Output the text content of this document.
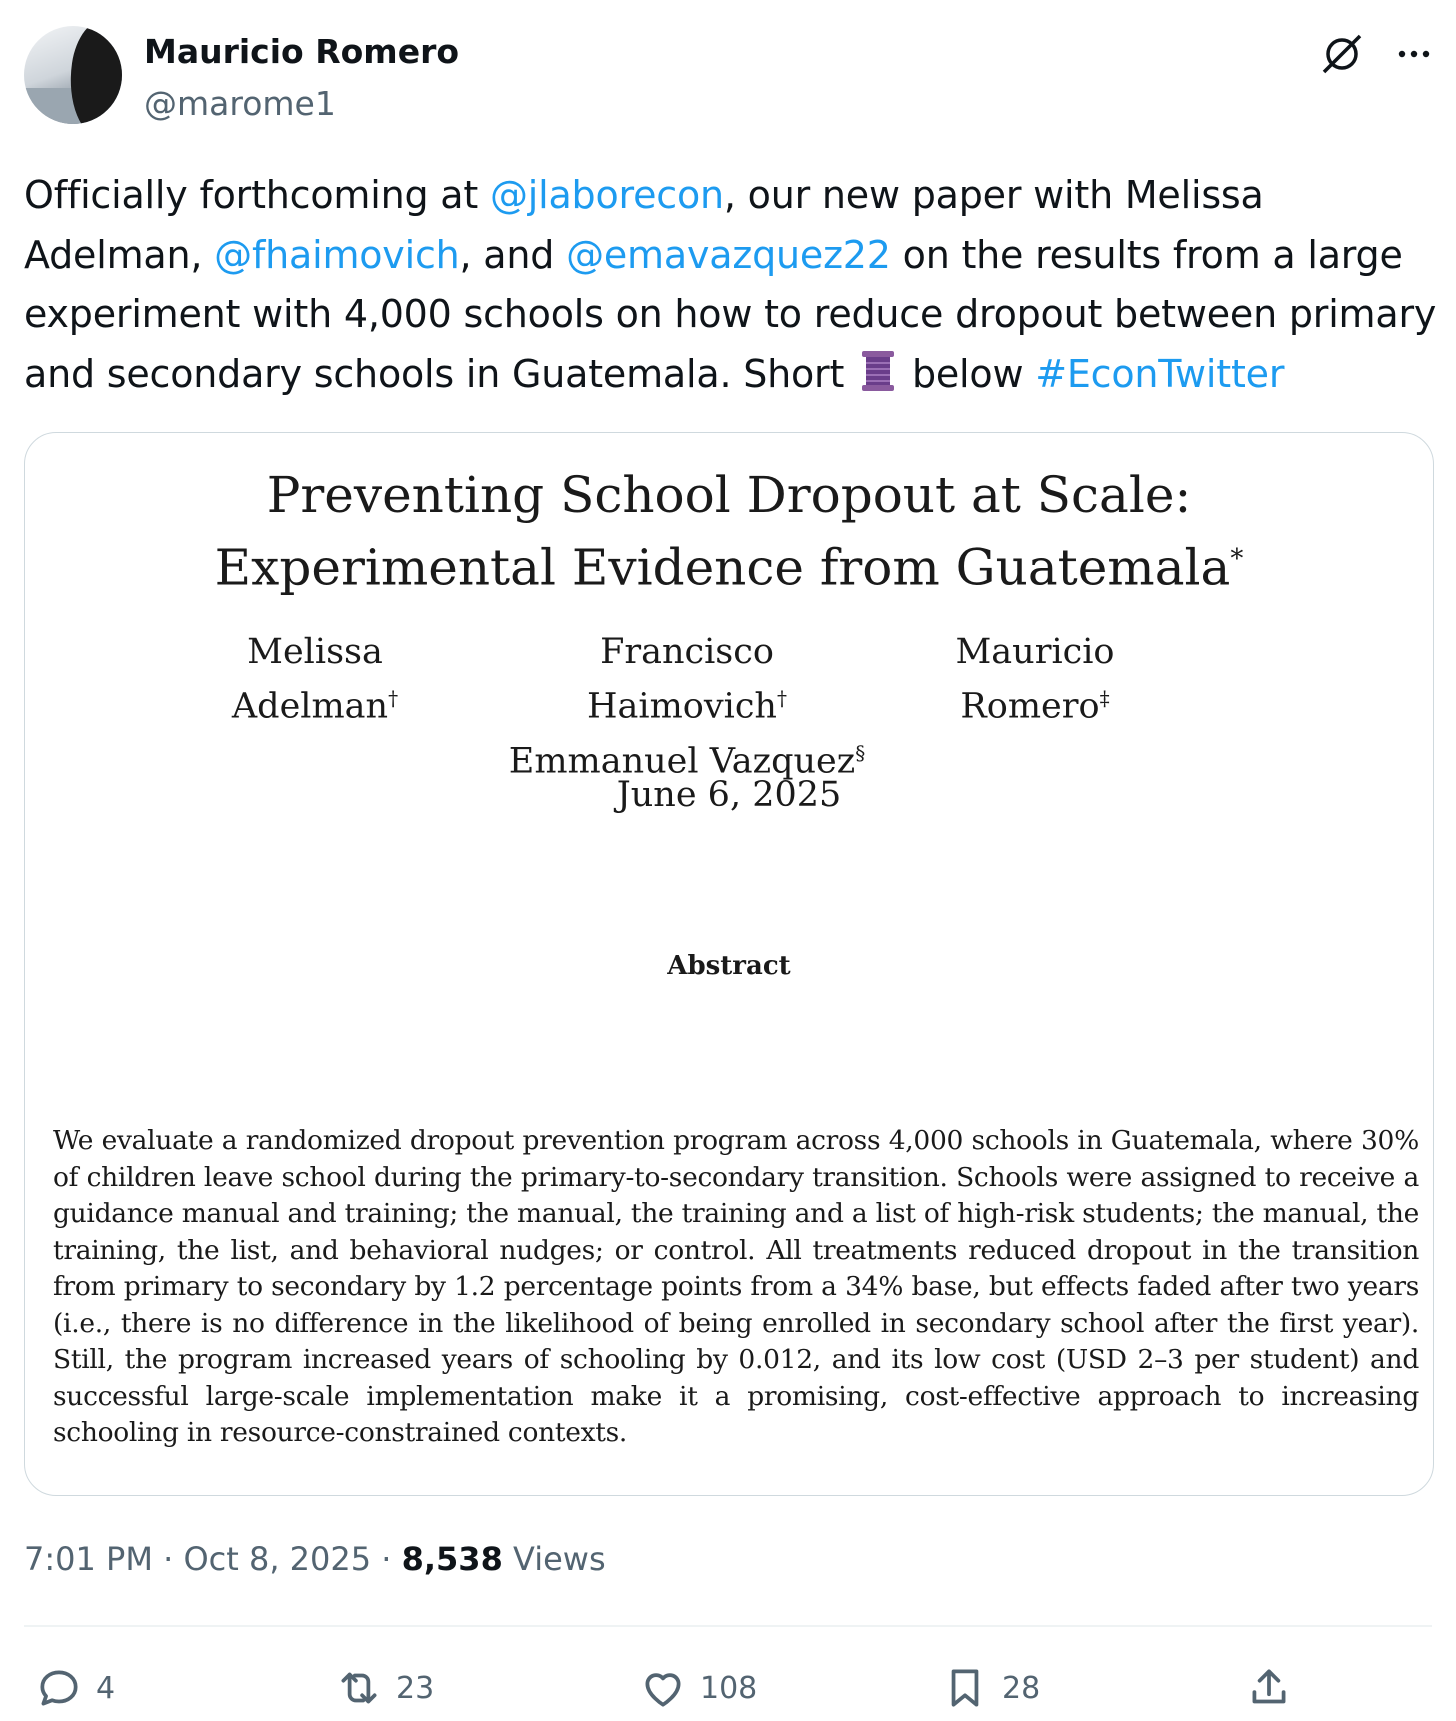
Mauricio Romero
@marome1
Officially forthcoming at @jlaborecon, our new paper with Melissa Adelman, @fhaimovich, and @emavazquez22 on the results from a large experiment with 4,000 schools on how to reduce dropout between primary and secondary schools in Guatemala. Short  below #EconTwitter
Preventing School Dropout at Scale: Experimental Evidence from Guatemala*
Melissa Adelman†
Francisco Haimovich†
Emmanuel Vazquez§
Mauricio Romero‡
June 6, 2025
Abstract
We evaluate a randomized dropout prevention program across 4,000 schools in Guatemala, where 30% of children leave school during the primary-to-secondary transition. Schools were assigned to receive a guidance manual and training; the manual, the training and a list of high-risk students; the manual, the training, the list, and behavioral nudges; or control. All treatments reduced dropout in the transition from primary to secondary by 1.2 percentage points from a 34% base, but effects faded after two years (i.e., there is no difference in the likelihood of being enrolled in secondary school after the first year). Still, the program increased years of schooling by 0.012, and its low cost (USD 2–3 per student) and successful large-scale implementation make it a promising, cost-effective approach to increasing schooling in resource-constrained contexts.
7:01 PM · Oct 8, 2025 · 8,538 Views
4	23	108	28
